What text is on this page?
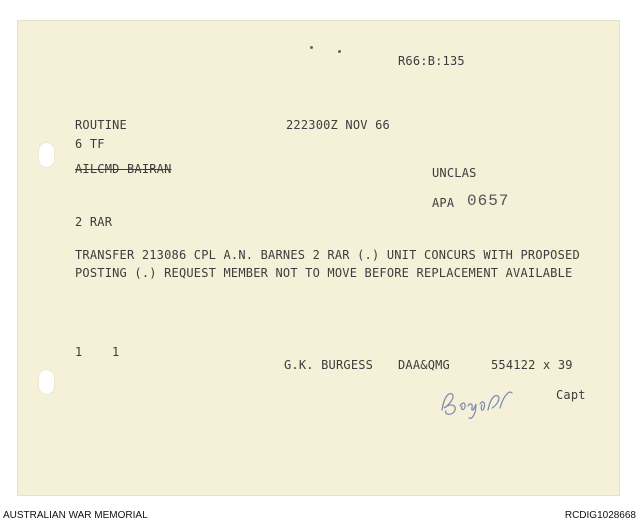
R66:B:135
ROUTINE	222300Z NOV 66
6 TF
AILCMD BAIRAN	UNCLAS
APA 0657
2 RAR
TRANSFER 213086 CPL A.N. BARNES 2 RAR (.) UNIT CONCURS WITH PROPOSED
POSTING (.) REQUEST MEMBER NOT TO MOVE BEFORE REPLACEMENT AVAILABLE
1 1
G.K. BURGESS DAA&QMG	554122 x 39
Capt
AUSTRALIAN WAR MEMORIAL	RCDIG1028668
